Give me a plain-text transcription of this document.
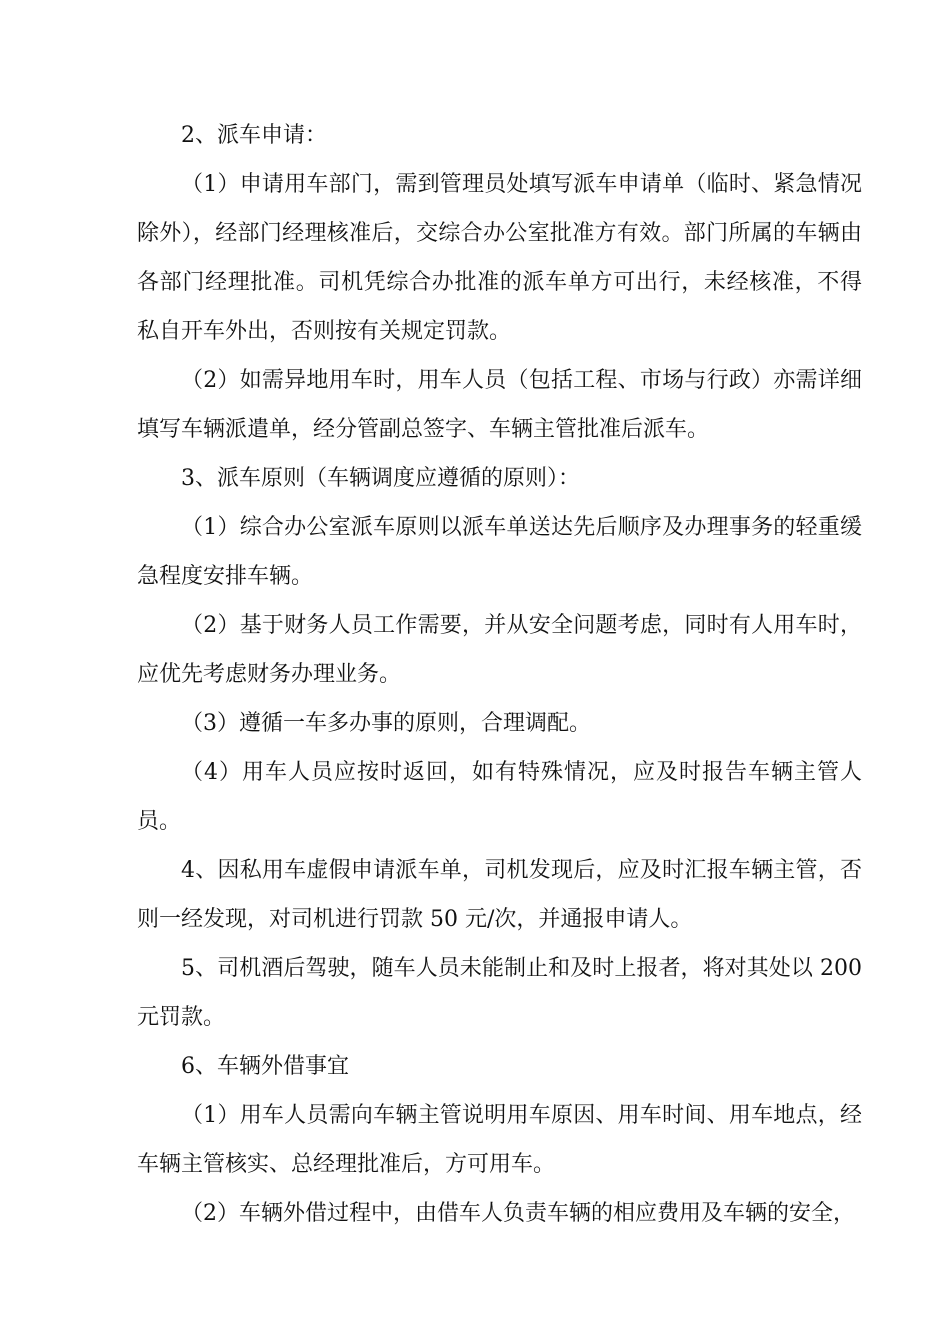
2、派车申请：

（1）申请用车部门，需到管理员处填写派车申请单（临时、紧急情况除外），经部门经理核准后，交综合办公室批准方有效。部门所属的车辆由各部门经理批准。司机凭综合办批准的派车单方可出行，未经核准，不得私自开车外出，否则按有关规定罚款。

（2）如需异地用车时，用车人员（包括工程、市场与行政）亦需详细填写车辆派遣单，经分管副总签字、车辆主管批准后派车。

3、派车原则（车辆调度应遵循的原则）：

（1）综合办公室派车原则以派车单送达先后顺序及办理事务的轻重缓急程度安排车辆。

（2）基于财务人员工作需要，并从安全问题考虑，同时有人用车时，应优先考虑财务办理业务。

（3）遵循一车多办事的原则，合理调配。

（4）用车人员应按时返回，如有特殊情况，应及时报告车辆主管人员。

4、因私用车虚假申请派车单，司机发现后，应及时汇报车辆主管，否则一经发现，对司机进行罚款 50 元/次，并通报申请人。

5、司机酒后驾驶，随车人员未能制止和及时上报者，将对其处以 200 元罚款。

6、车辆外借事宜

（1）用车人员需向车辆主管说明用车原因、用车时间、用车地点，经车辆主管核实、总经理批准后，方可用车。

（2）车辆外借过程中，由借车人负责车辆的相应费用及车辆的安全，
